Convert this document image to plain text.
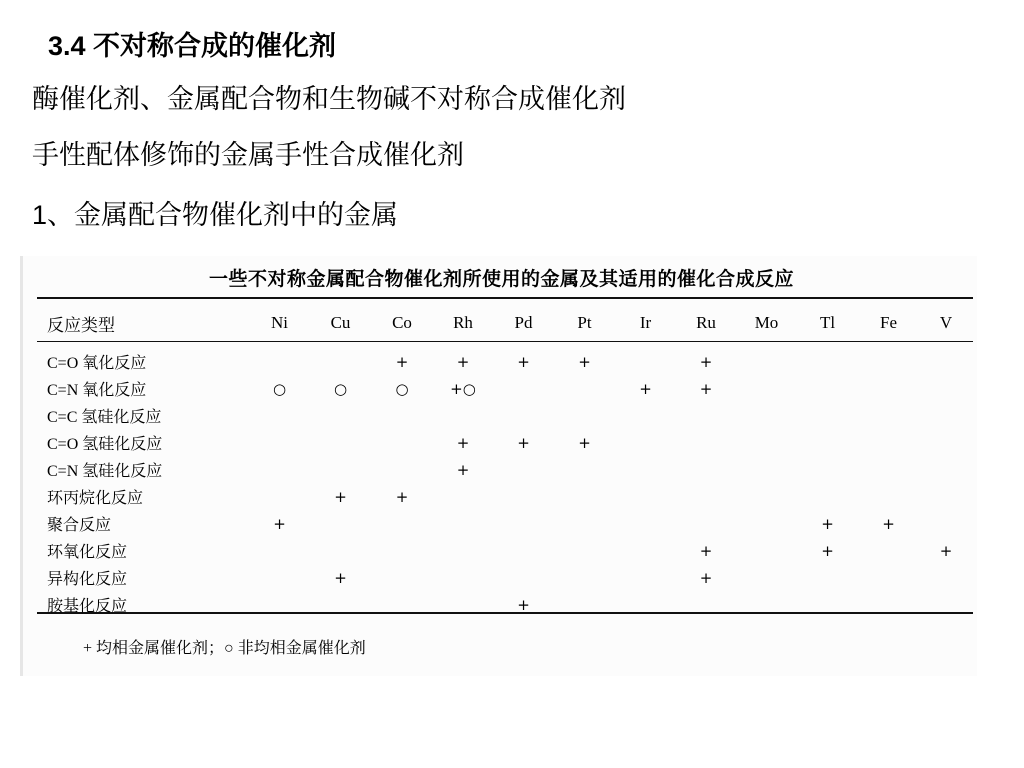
3.4 不对称合成的催化剂
酶催化剂、金属配合物和生物碱不对称合成催化剂
手性配体修饰的金属手性合成催化剂
1、金属配合物催化剂中的金属
一些不对称金属配合物催化剂所使用的金属及其适用的催化合成反应
反应类型	Ni	Cu	Co	Rh	Pd	Pt	Ir	Ru	Mo	Tl	Fe	V
C=O 氧化反应			+	+	+	+		+				
C=N 氧化反应	○	○	○	+○			+	+				
C=C 氢硅化反应												
C=O 氢硅化反应				+	+	+						
C=N 氢硅化反应				+								
环丙烷化反应		+	+									
聚合反应	+									+	+	
环氧化反应								+		+		+
异构化反应		+						+				
胺基化反应					+							
+ 均相金属催化剂；○ 非均相金属催化剂
